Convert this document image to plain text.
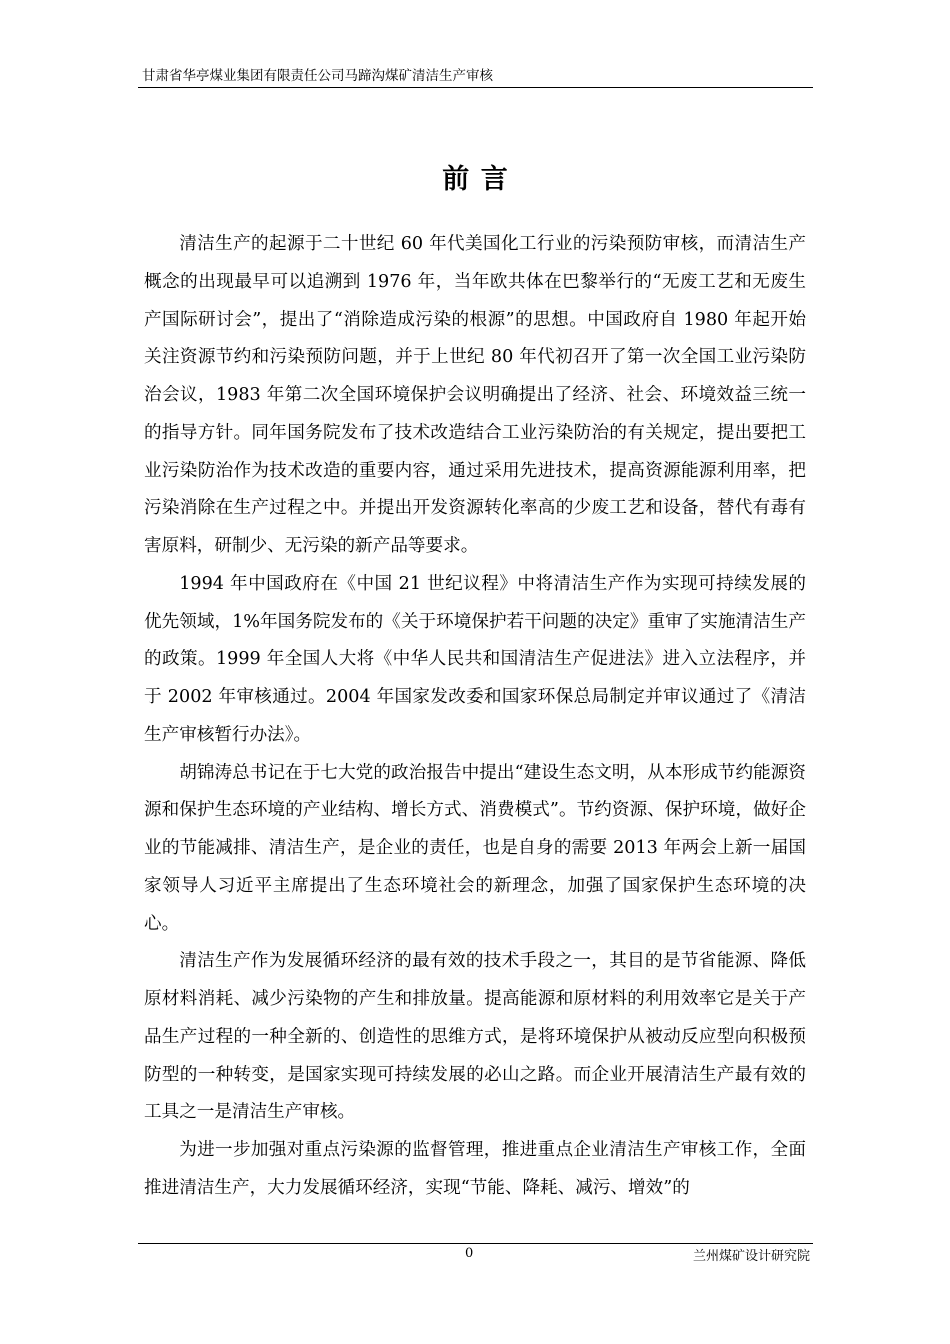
甘肃省华亭煤业集团有限责任公司马蹄沟煤矿清洁生产审核
前 言

清洁生产的起源于二十世纪 60 年代美国化工行业的污染预防审核，而清洁生产概念的出现最早可以追溯到 1976 年，当年欧共体在巴黎举行的“无废工艺和无废生产国际研讨会”，提出了“消除造成污染的根源”的思想。中国政府自 1980 年起开始关注资源节约和污染预防问题，并于上世纪 80 年代初召开了第一次全国工业污染防治会议，1983 年第二次全国环境保护会议明确提出了经济、社会、环境效益三统一的指导方针。同年国务院发布了技术改造结合工业污染防治的有关规定，提出要把工业污染防治作为技术改造的重要内容，通过采用先进技术，提高资源能源利用率，把污染消除在生产过程之中。并提出开发资源转化率高的少废工艺和设备，替代有毒有害原料，研制少、无污染的新产品等要求。

1994 年中国政府在《中国 21 世纪议程》中将清洁生产作为实现可持续发展的优先领域，1%年国务院发布的《关于环境保护若干问题的决定》重审了实施清洁生产的政策。1999 年全国人大将《中华人民共和国清洁生产促进法》进入立法程序，并于 2002 年审核通过。2004 年国家发改委和国家环保总局制定并审议通过了《清洁生产审核暂行办法》。

胡锦涛总书记在于七大党的政治报告中提出“建设生态文明，从本形成节约能源资源和保护生态环境的产业结构、增长方式、消费模式”。节约资源、保护环境，做好企业的节能减排、清洁生产，是企业的责任，也是自身的需要 2013 年两会上新一届国家领导人习近平主席提出了生态环境社会的新理念，加强了国家保护生态环境的决心。

清洁生产作为发展循环经济的最有效的技术手段之一，其目的是节省能源、降低原材料消耗、减少污染物的产生和排放量。提高能源和原材料的利用效率它是关于产品生产过程的一种全新的、创造性的思维方式，是将环境保护从被动反应型向积极预防型的一种转变，是国家实现可持续发展的必山之路。而企业开展清洁生产最有效的工具之一是清洁生产审核。

为进一步加强对重点污染源的监督管理，推进重点企业清洁生产审核工作，全面推进清洁生产，大力发展循环经济，实现“节能、降耗、减污、增效”的

0	兰州煤矿设计研究院
